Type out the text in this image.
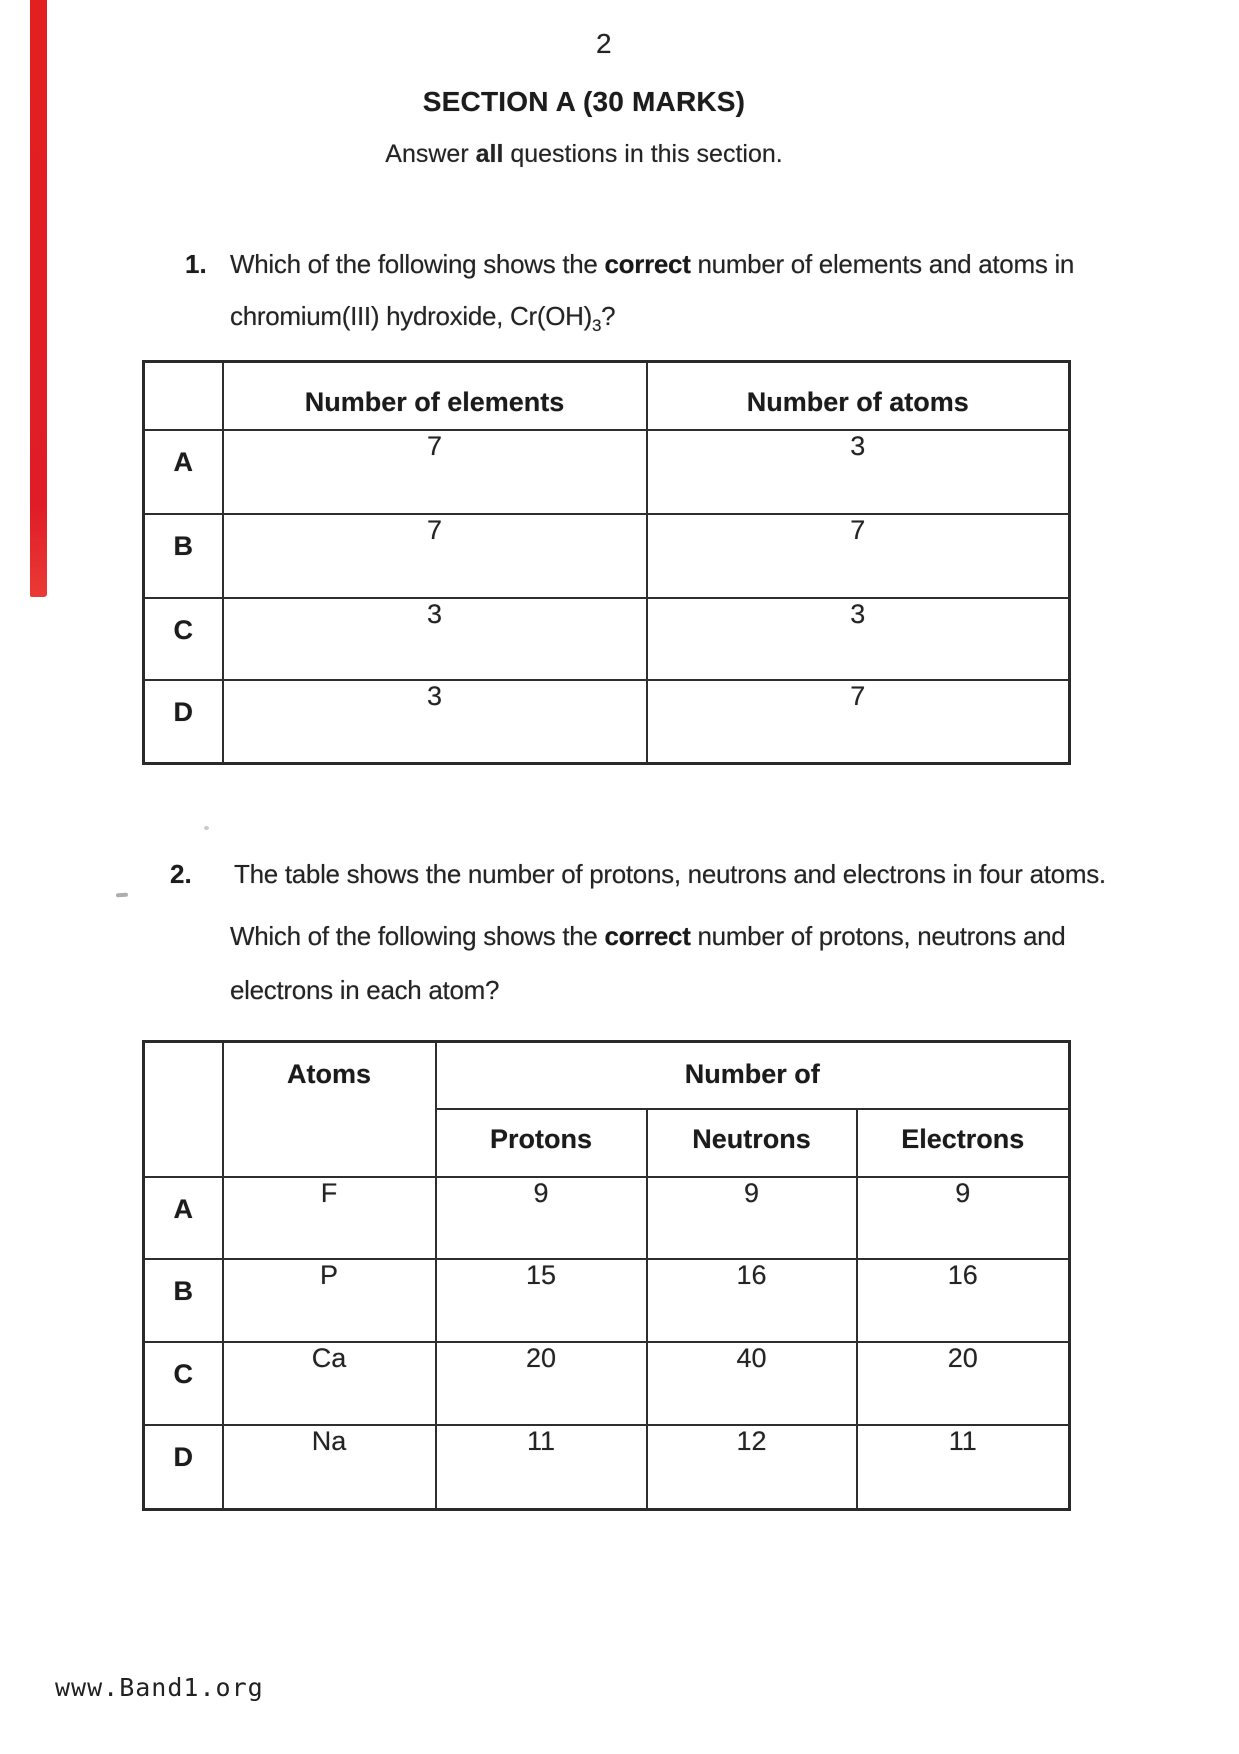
2
SECTION A (30 MARKS)
Answer all questions in this section.
1. Which of the following shows the correct number of elements and atoms in
chromium(III) hydroxide, $Cr(OH)_3$?
	Number of elements	Number of atoms
A	7	3
B	7	7
C	3	3
D	3	7
2. The table shows the number of protons, neutrons and electrons in four atoms.
Which of the following shows the correct number of protons, neutrons and
electrons in each atom?
	Atoms	Number of		
		Protons	Neutrons	Electrons
A	F	9	9	9
B	P	15	16	16
C	Ca	20	40	20
D	Na	11	12	11
www.Band1.org
